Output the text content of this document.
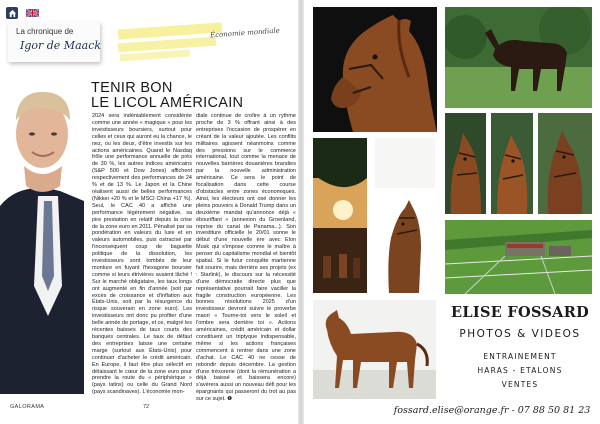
La chronique de
Igor de Maack
Économie mondiale
TENIR BON
LE LICOL AMÉRICAIN

2024 sera indéniablement considérée comme une année « magique » pour les investisseurs boursiers, surtout pour celles et ceux qui auront eu la chance, le nez, ou les deux, d'être investis sur les actions américaines. Quand le Nasdaq frôle une performance annuelle de près de 30 %, les autres indices américains (S&P 500 et Dow Jones) affichent respectivement des performances de 24 % et de 13 %. Le Japon et la Chine réalisent aussi de belles performances (Nikkei +20 % et le MSCI China +17 %). Seul, le CAC 40 a affiché une performance légèrement négative, sa pire prestation en relatif depuis la crise de la zone euro en 2011. Pénalisé par sa pondération en valeurs du luxe et en valeurs automobiles, puis ostracisé par l'inconséquent coup de baguette politique de la dissolution, les investisseurs sont tombés de leur monture en fuyant l'hexagone boursier comme si leurs étrivières avaient lâché ! Sur le marché obligataire, les taux longs ont augmenté en fin d'année (soit par excès de croissance et d'inflation aux États-Unis, soit par la résurgence du risque souverain en zone euro). Les investisseurs ont donc pu profiter d'une belle année de portage, et ce, malgré les récentes baisses de taux courts des banques centrales. Le taux de défaut des entreprises laisse une certaine marge (surtout aux États-Unis) pour continuer d'acheter le crédit américain. En Europe, il faut être plus sélectif en délaissant le cœur de la zone euro pour prendre la route du « périphérique » (pays latins) ou celle du Grand Nord (pays scandinaves). L'économie mon-

diale continue de croître à un rythme proche de 3 % offrant ainsi à des entreprises l'occasion de prospérer en créant de la valeur ajoutée. Les conflits militaires agissent néanmoins comme des pressions sur le commerce international, tout comme la menace de nouvelles barrières douanières brandies par la nouvelle administration américaine. Ce sera le point de focalisation dans cette course d'obstacles entre zones économiques. Ainsi, les électeurs ont osé donner les pleins pouvoirs à Donald Trump dans un deuxième mandat qu'annonce déjà « ébouriffant » (annexion du Groenland, reprise du canal de Panama...). Son investiture officielle le 20/01 sonne le début d'une nouvelle ère avec Elon Musk qui s'impose comme le maître à penser du capitalisme mondial et bientôt spatial. Si le futur conquête martienne fait sourire, mais derrière ses projets (ex : Starlink), le discours sur la nécessité d'une démocratie directe plus que représentative pourrait faire vaciller la fragile construction européenne. Les bonnes résolutions 2025 d'un investisseur devront suivre le proverbe maori « Tourne-toi vers le soleil et l'ombre sera derrière toi ». Actions américaines, crédit américain et dollar constituent un triptyque indispensable, même si les actions françaises commencent à rentrer dans une zone d'achat. Le CAC 40 ne cesse de rebondir depuis décembre. La gestion d'une trésorerie (dont la rémunération a déjà baissé et baissera encore) s'avérera aussi un nouveau défi pour les épargnants qui passeront du trot au pas sur ce sujet. ❶

GALORAMA	72
ELISE FOSSARD
PHOTOS & VIDEOS
ENTRAINEMENT
HARAS - ETALONS
VENTES
fossard.elise@orange.fr - 07 88 50 81 23
